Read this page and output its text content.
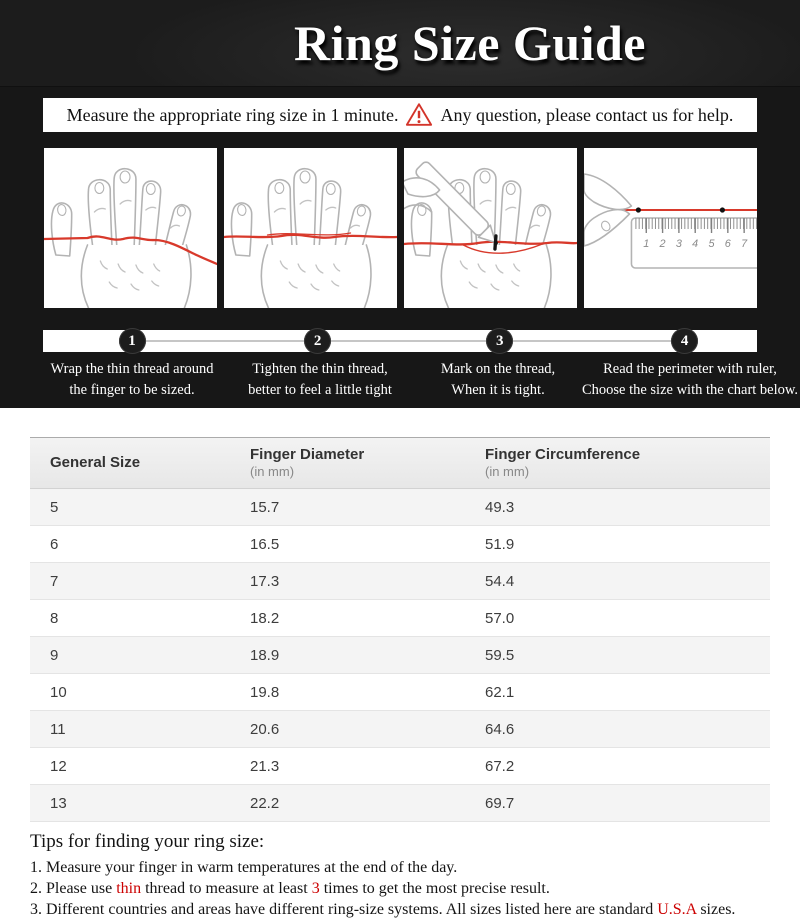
Ring Size Guide
Measure the appropriate ring size in 1 minute. Any question, please contact us for help.
1 2 3 4 5 6 7
1	2	3	4
Wrap the thin thread around
the finger to be sized.
Tighten the thin thread,
better to feel a little tight
Mark on the thread,
When it is tight.
Read the perimeter with ruler,
Choose the size with the chart below.
General Size	Finger Diameter
(in mm)
Finger Circumference
(in mm)
5	15.7	49.3
6	16.5	51.9
7	17.3	54.4
8	18.2	57.0
9	18.9	59.5
10	19.8	62.1
11	20.6	64.6
12	21.3	67.2
13	22.2	69.7

Tips for finding your ring size:

1. Measure your finger in warm temperatures at the end of the day.

2. Please use thin thread to measure at least 3 times to get the most precise result.

3. Different countries and areas have different ring-size systems. All sizes listed here are standard U.S.A sizes.
